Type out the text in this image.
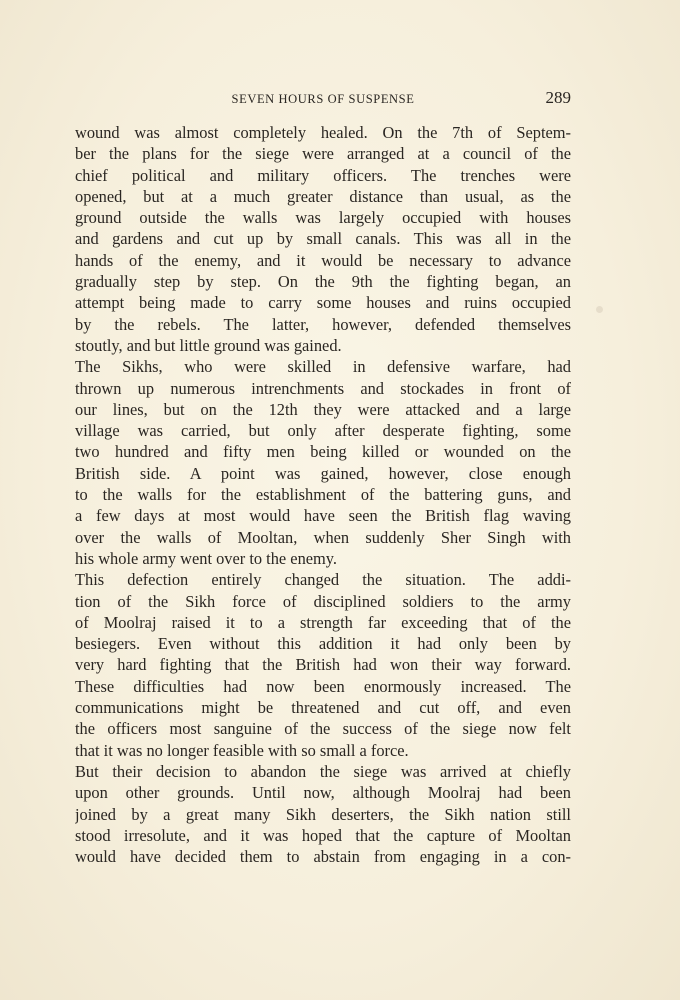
SEVEN HOURS OF SUSPENSE	289
wound was almost completely healed. On the 7th of Septem-
ber the plans for the siege were arranged at a council of the
chief political and military officers. The trenches were
opened, but at a much greater distance than usual, as the
ground outside the walls was largely occupied with houses
and gardens and cut up by small canals. This was all in the
hands of the enemy, and it would be necessary to advance
gradually step by step. On the 9th the fighting began, an
attempt being made to carry some houses and ruins occupied
by the rebels. The latter, however, defended themselves
stoutly, and but little ground was gained.
The Sikhs, who were skilled in defensive warfare, had
thrown up numerous intrenchments and stockades in front of
our lines, but on the 12th they were attacked and a large
village was carried, but only after desperate fighting, some
two hundred and fifty men being killed or wounded on the
British side. A point was gained, however, close enough
to the walls for the establishment of the battering guns, and
a few days at most would have seen the British flag waving
over the walls of Mooltan, when suddenly Sher Singh with
his whole army went over to the enemy.
This defection entirely changed the situation. The addi-
tion of the Sikh force of disciplined soldiers to the army
of Moolraj raised it to a strength far exceeding that of the
besiegers. Even without this addition it had only been by
very hard fighting that the British had won their way forward.
These difficulties had now been enormously increased. The
communications might be threatened and cut off, and even
the officers most sanguine of the success of the siege now felt
that it was no longer feasible with so small a force.
But their decision to abandon the siege was arrived at chiefly
upon other grounds. Until now, although Moolraj had been
joined by a great many Sikh deserters, the Sikh nation still
stood irresolute, and it was hoped that the capture of Mooltan
would have decided them to abstain from engaging in a con-
